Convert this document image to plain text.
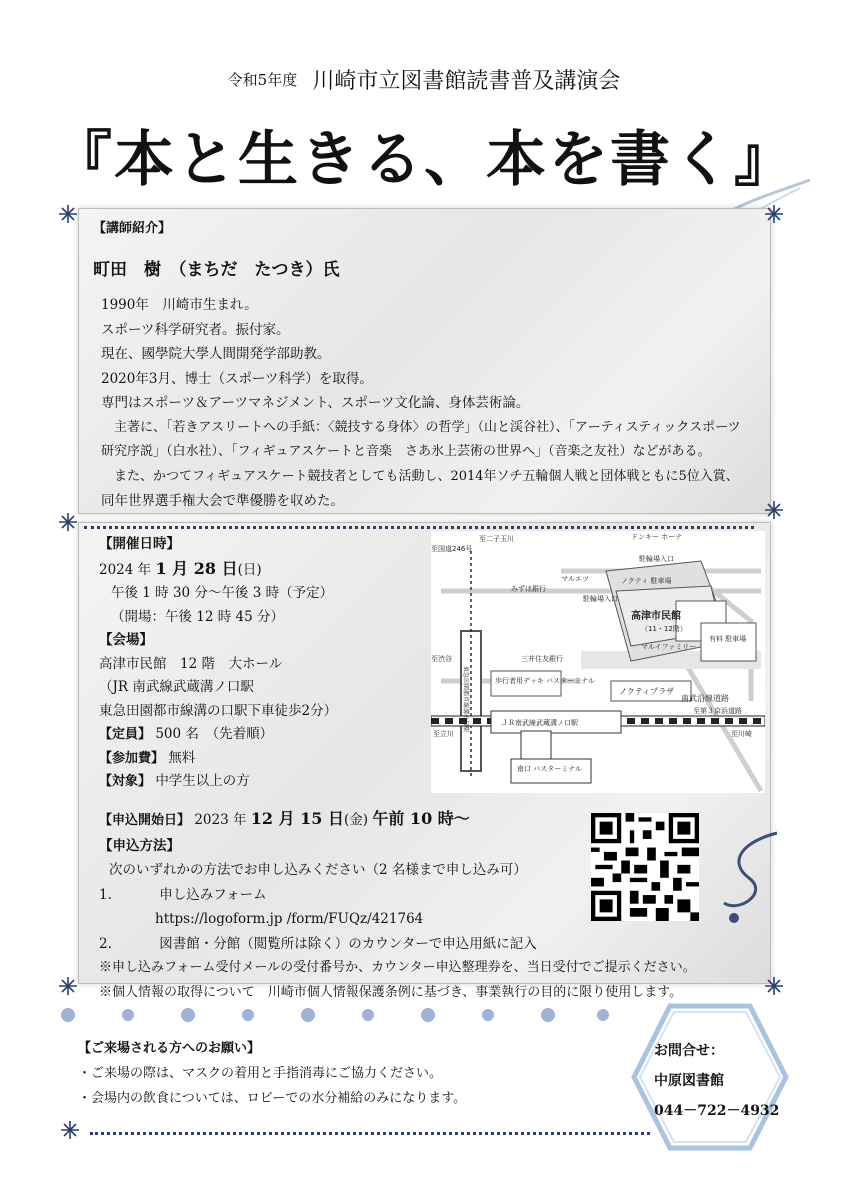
令和5年度 川崎市立図書館読書普及講演会
『本と生きる、本を書く』
【講師紹介】
町田　樹　（まちだ　たつき）氏
1990年　川崎市生まれ。
スポーツ科学研究者。振付家。
現在、國學院大學人間開発学部助教。
2020年3月、博士（スポーツ科学）を取得。
専門はスポーツ＆アーツマネジメント、スポーツ文化論、身体芸術論。
　主著に、「若きアスリートへの手紙：〈競技する身体〉の哲学」（山と渓谷社）、「アーティスティックスポーツ
研究序説」（白水社）、「フィギュアスケートと音楽　さあ氷上芸術の世界へ」（音楽之友社）などがある。
　また、かつてフィギュアスケート競技者としても活動し、2014年ソチ五輪個人戦と団体戦ともに5位入賞、
同年世界選手権大会で準優勝を収めた。
【開催日時】
2024 年 1 月 28 日(日)
午後 1 時 30 分～午後 3 時（予定）
（開場：午後 12 時 45 分）
【会場】
高津市民館　12 階　大ホール
（JR 南武線武蔵溝ノ口駅
東急田園都市線溝の口駅下車徒歩2分）
【定員】 500 名　（先着順）
【参加費】 無料
【対象】 中学生以上の方
至国道246号
至二子玉川	ドンキー ホーテ
駐輪場入口
ノクティ 駐車場
マルエツ
駐輪場入口
みずほ銀行
三井住友銀行
高津市民館
（11・12階）
マルイファミリー
ノクティプラザ
歩行者用デッキ バスターミナル
東急田園都市線溝の口駅	ＪＲ南武線武蔵溝ノ口駅
南口 バスターミナル
南武沿線道路
至川崎
至立川
至渋谷
有料 駐車場
至第３京浜道路
【申込開始日】 2023 年 12 月 15 日(金) 午前 10 時～
【申込方法】
次のいずれかの方法でお申し込みください（2 名様まで申し込み可）
1.	申し込みフォーム
https://logoform.jp /form/FUQz/421764
2.	図書館・分館（閲覧所は除く）のカウンターで申込用紙に記入
※申し込みフォーム受付メールの受付番号か、カウンター申込整理券を、当日受付でご提示ください。
※個人情報の取得について　川崎市個人情報保護条例に基づき、事業執行の目的に限り使用します。
【ご来場される方へのお願い】
・ご来場の際は、マスクの着用と手指消毒にご協力ください。
・会場内の飲食については、ロビーでの水分補給のみになります。
お問合せ：
中原図書館
044－722－4932
